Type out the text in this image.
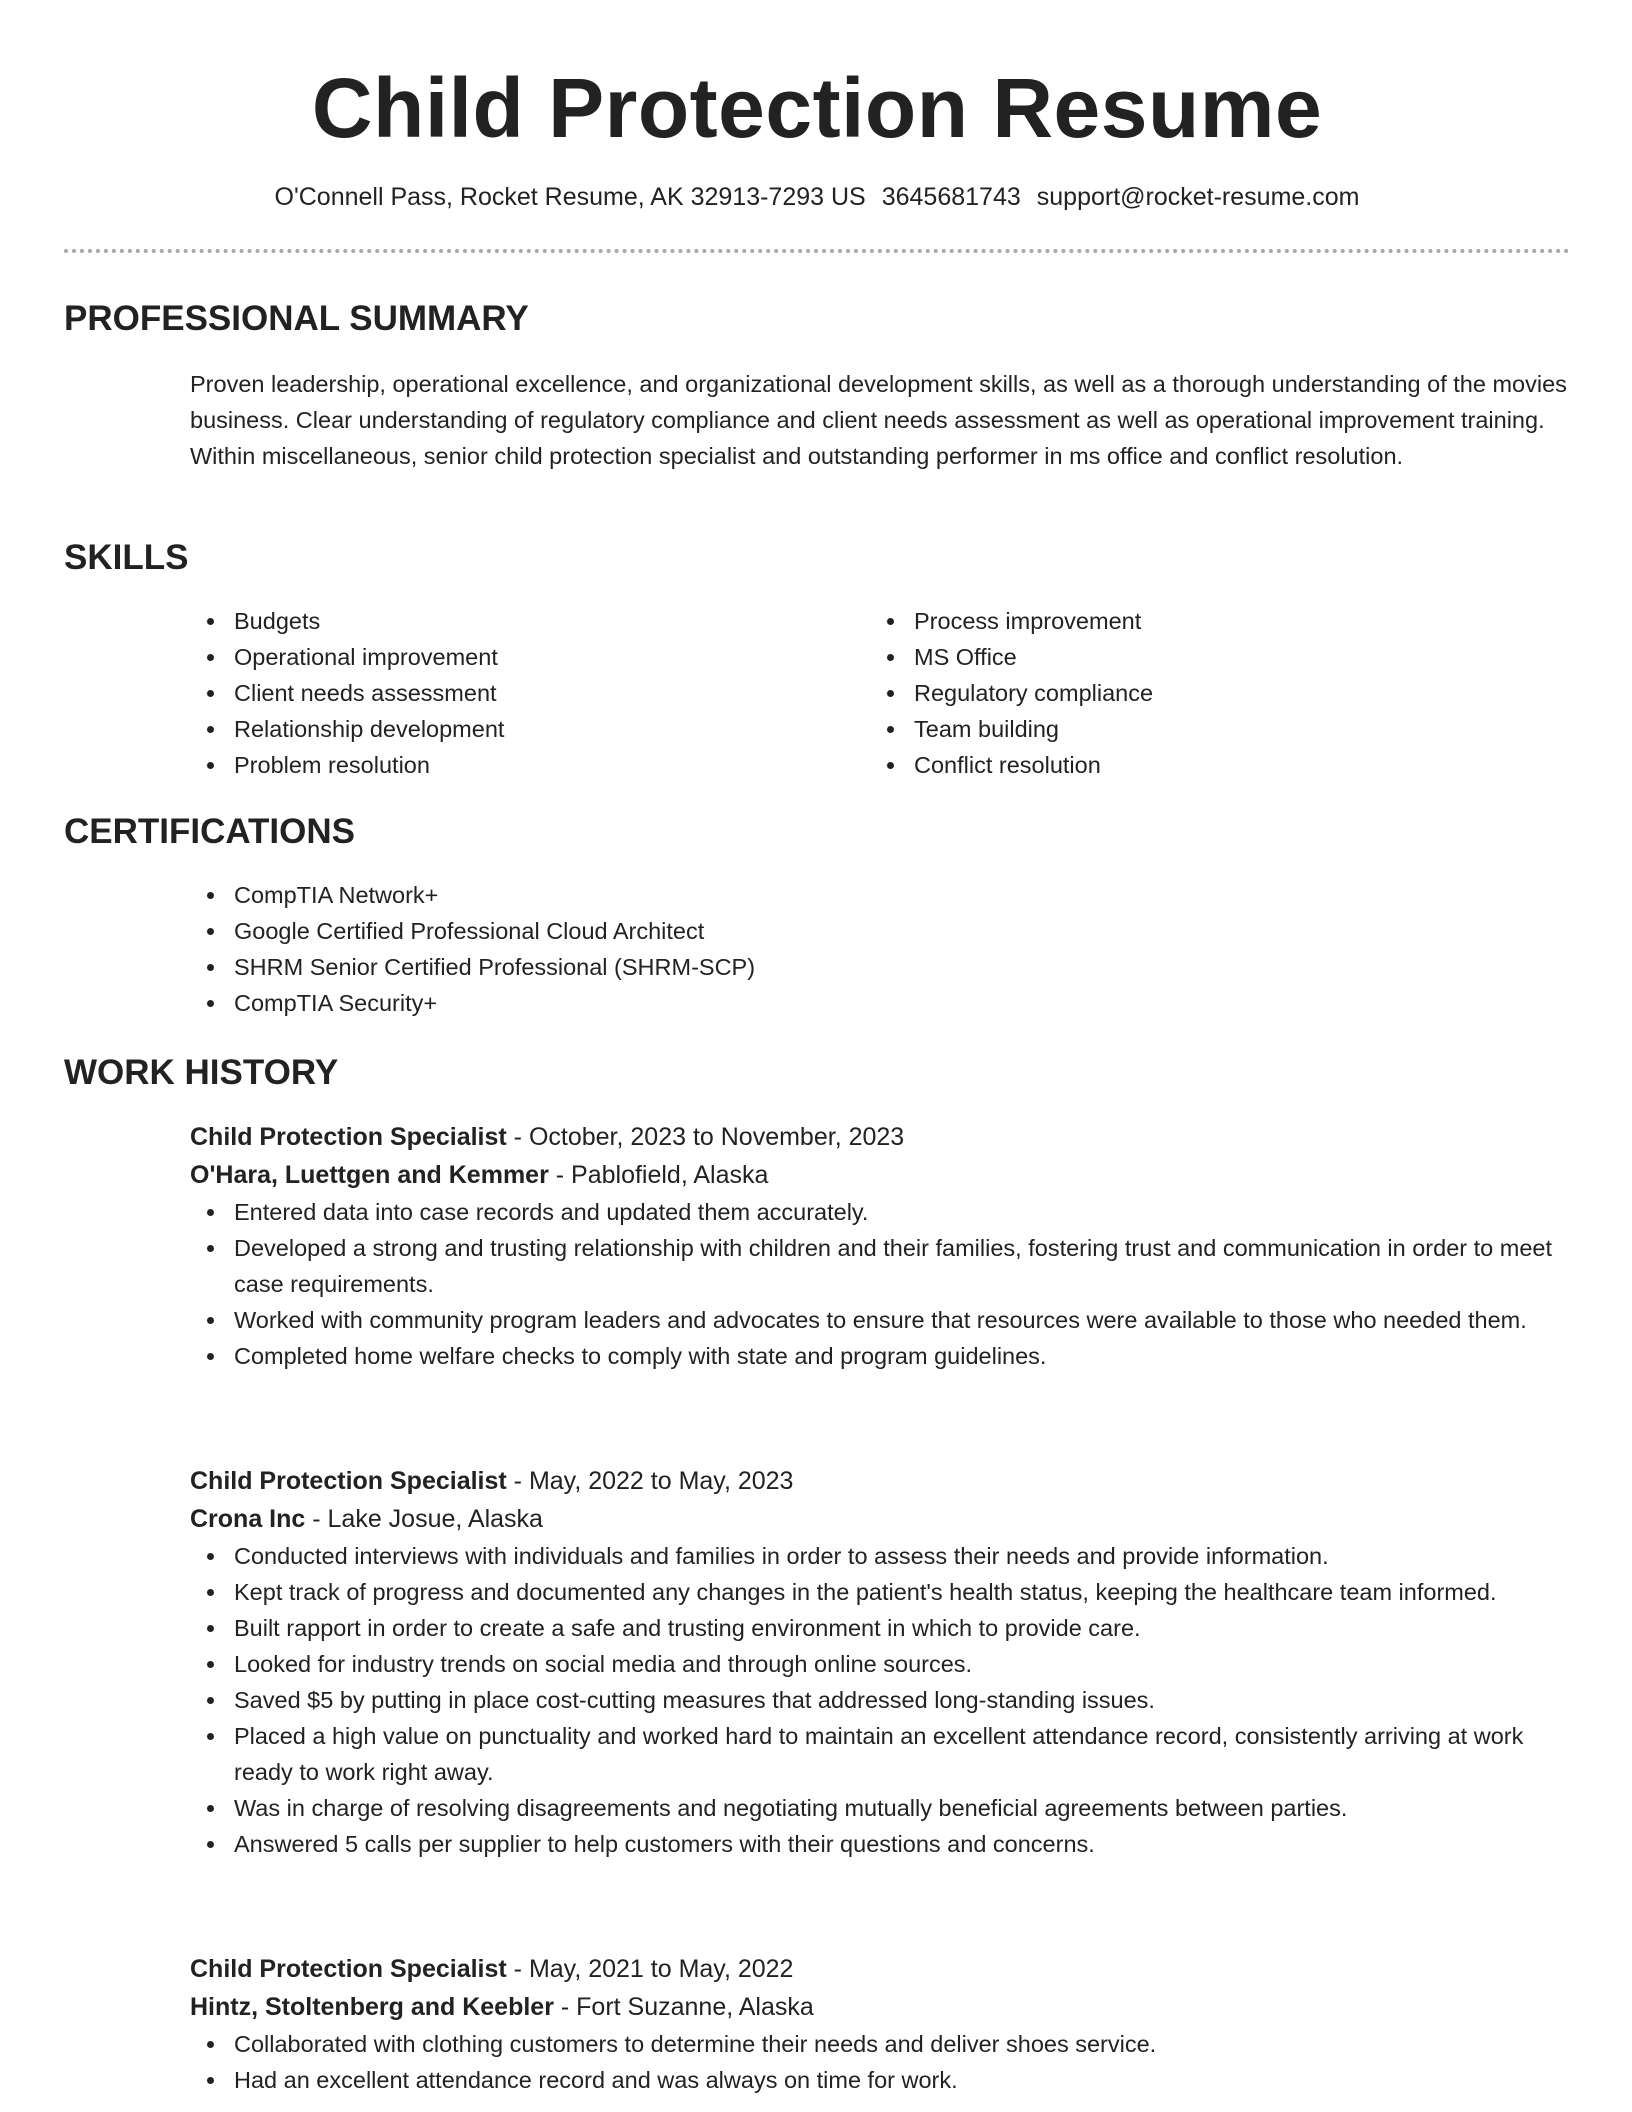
Child Protection Resume
O'Connell Pass, Rocket Resume, AK 32913-7293 US 3645681743 support@rocket-resume.com
PROFESSIONAL SUMMARY

Proven leadership, operational excellence, and organizational development skills, as well as a thorough understanding of the movies business. Clear understanding of regulatory compliance and client needs assessment as well as operational improvement training. Within miscellaneous, senior child protection specialist and outstanding performer in ms office and conflict resolution.

SKILLS
Budgets
Operational improvement
Client needs assessment
Relationship development
Problem resolution
Process improvement
MS Office
Regulatory compliance
Team building
Conflict resolution
CERTIFICATIONS
CompTIA Network+
Google Certified Professional Cloud Architect
SHRM Senior Certified Professional (SHRM-SCP)
CompTIA Security+
WORK HISTORY
Child Protection Specialist - October, 2023 to November, 2023
O'Hara, Luettgen and Kemmer - Pablofield, Alaska
Entered data into case records and updated them accurately.
Developed a strong and trusting relationship with children and their families, fostering trust and communication in order to meet case requirements.
Worked with community program leaders and advocates to ensure that resources were available to those who needed them.
Completed home welfare checks to comply with state and program guidelines.
Child Protection Specialist - May, 2022 to May, 2023
Crona Inc - Lake Josue, Alaska
Conducted interviews with individuals and families in order to assess their needs and provide information.
Kept track of progress and documented any changes in the patient's health status, keeping the healthcare team informed.
Built rapport in order to create a safe and trusting environment in which to provide care.
Looked for industry trends on social media and through online sources.
Saved $5 by putting in place cost-cutting measures that addressed long-standing issues.
Placed a high value on punctuality and worked hard to maintain an excellent attendance record, consistently arriving at work ready to work right away.
Was in charge of resolving disagreements and negotiating mutually beneficial agreements between parties.
Answered 5 calls per supplier to help customers with their questions and concerns.
Child Protection Specialist - May, 2021 to May, 2022
Hintz, Stoltenberg and Keebler - Fort Suzanne, Alaska
Collaborated with clothing customers to determine their needs and deliver shoes service.
Had an excellent attendance record and was always on time for work.
